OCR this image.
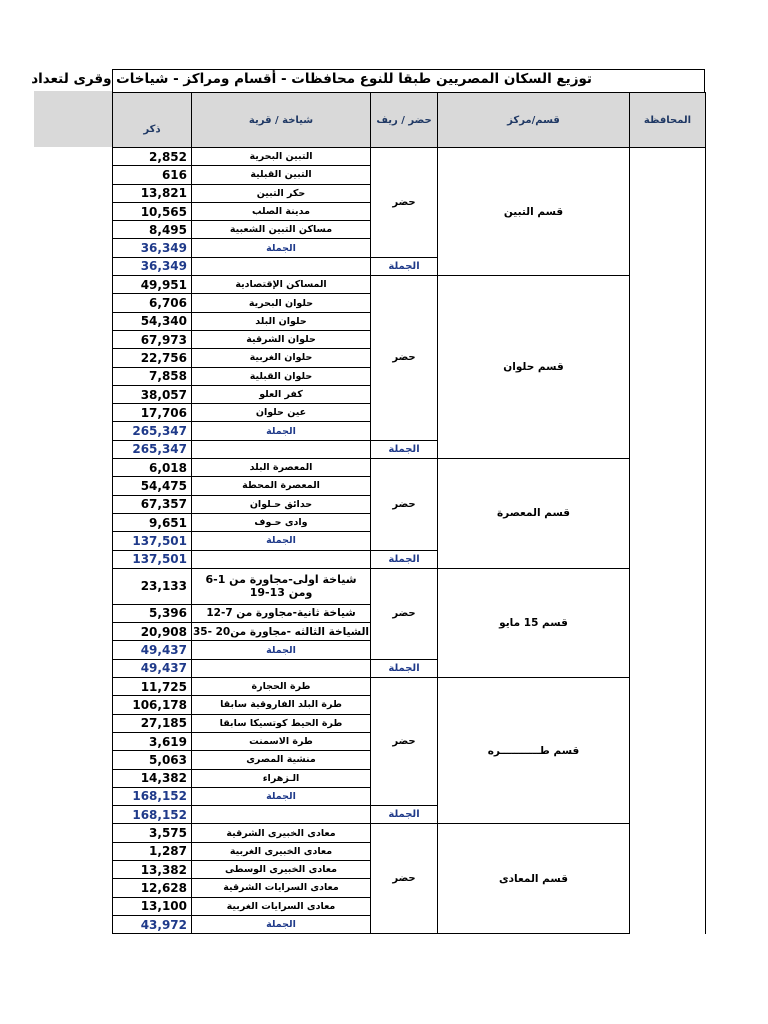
توزيع السكان المصريين طبقا للنوع محافظات - أقسام ومراكز - شياخات وقرى لتعداد
ذكر	شياخة / قرية	حضر / ريف	قسم/مركز	المحافظة
2,852	التبين البحرية	حضر	قسم التبين	
616	التبين القبلية			
13,821	حكر التبين			
10,565	مدينة الصلب			
8,495	مساكن التبين الشعبية			
36,349	الجملة			
36,349		الجملة		
49,951	المساكن الإقتصادية	حضر	قسم حلوان	
6,706	حلوان البحرية			
54,340	حلوان البلد			
67,973	حلوان الشرقية			
22,756	حلوان الغربية			
7,858	حلوان القبلية			
38,057	كفر العلو			
17,706	عين حلوان			
265,347	الجملة			
265,347		الجملة		
6,018	المعصرة البلد	حضر	قسم المعصرة	
54,475	المعصرة المحطة			
67,357	حدائق حـلوان			
9,651	وادى حـوف			
137,501	الجملة			
137,501		الجملة		
23,133	شياخة اولى-مجاورة من 1-6 ومن 13-19	حضر	قسم 15 مايو	
5,396	شياخة ثانية-مجاورة من 7-12			
20,908	الشياخة الثالثه -مجاورة من20 -35			
49,437	الجملة			
49,437		الجملة		
11,725	طرة الحجارة	حضر	قسم طـــــــــــره	
106,178	طرة البلد الفاروقية سابقا			
27,185	طرة الحيط كوتسيكا سابقا			
3,619	طرة الاسمنت			
5,063	منشية المصرى			
14,382	الـزهراء			
168,152	الجملة			
168,152		الجملة		
3,575	معادى الخبيرى الشرقية	حضر	قسم المعادى	
1,287	معادى الخبيرى الغربية			
13,382	معادى الخبيرى الوسطى			
12,628	معادى السرايات الشرقية			
13,100	معادى السرايات الغربية			
43,972	الجملة			
